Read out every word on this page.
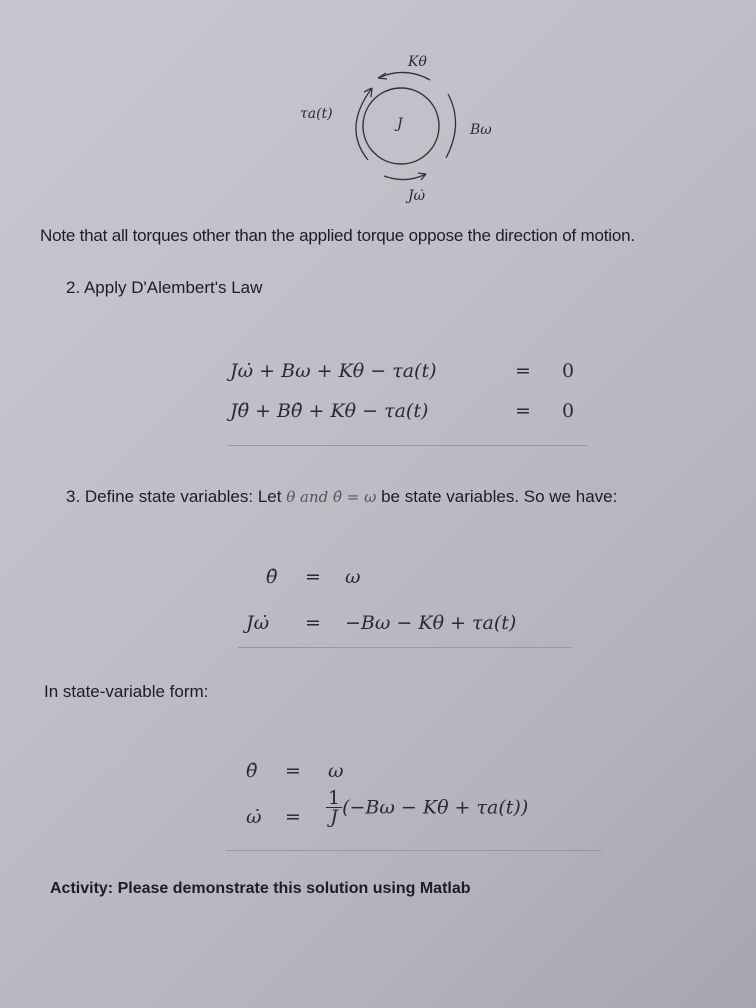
Kθ
τa(t)
J	Bω
Jω̇
Note that all torques other than the applied torque oppose the direction of motion.
2. Apply D'Alembert's Law
Jω̇ + Bω + Kθ − τa(t)	= 0
Jθ̈ + Bθ̇ + Kθ − τa(t)	= 0
3. Define state variables: Let θ and θ̇ = ω be state variables. So we have:
θ̇ = ω
Jω̇ = −Bω − Kθ + τa(t)
In state-variable form:
θ̇ = ω
ω̇ = $\frac{1}{J} (-B\omega - K\theta + \tau a(t))$
Activity: Please demonstrate this solution using Matlab
